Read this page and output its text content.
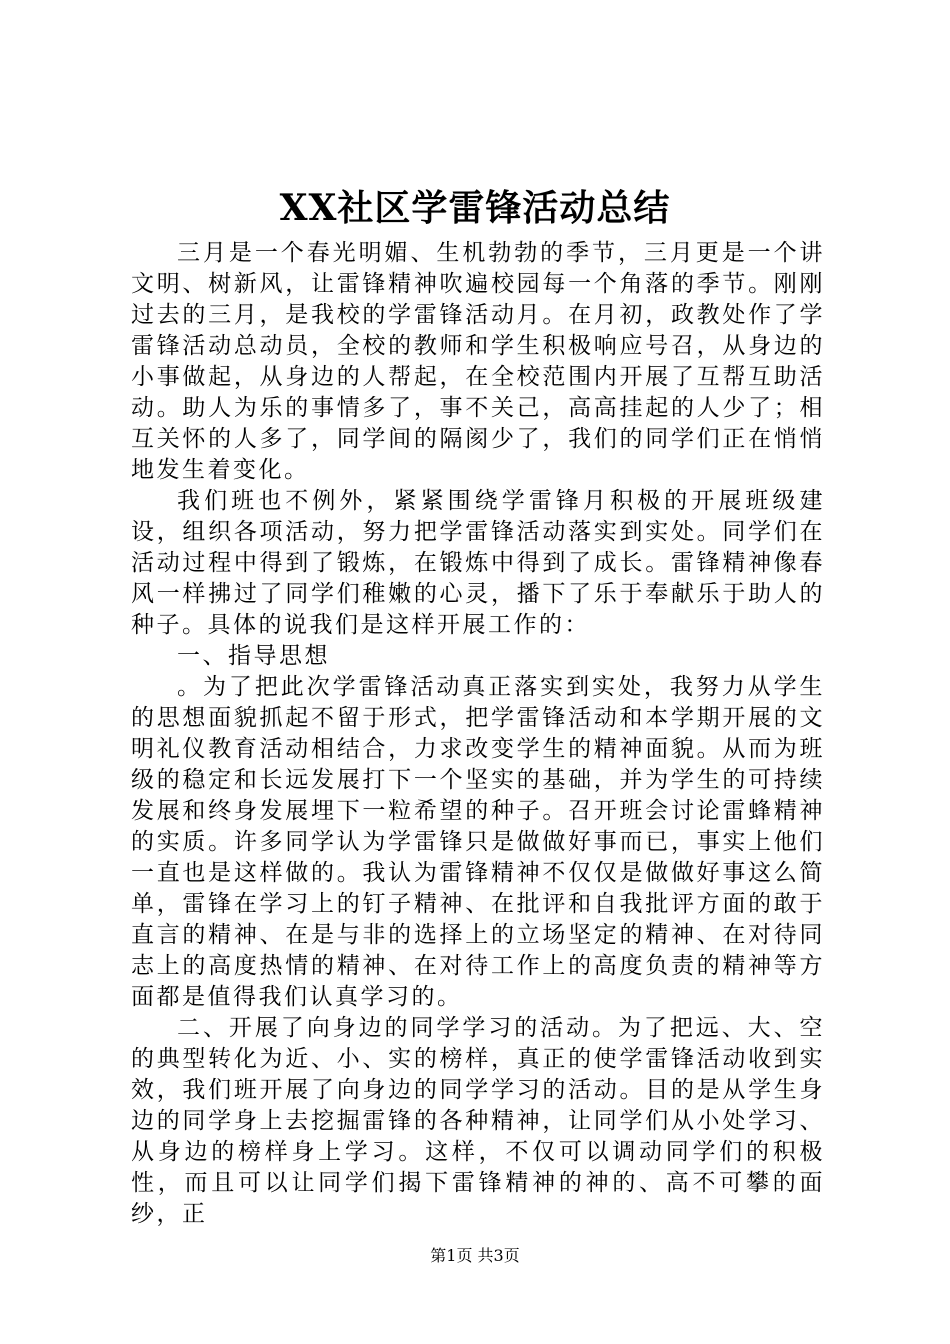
XX社区学雷锋活动总结

三月是一个春光明媚、生机勃勃的季节，三月更是一个讲文明、树新风，让雷锋精神吹遍校园每一个角落的季节。刚刚过去的三月，是我校的学雷锋活动月。在月初，政教处作了学雷锋活动总动员，全校的教师和学生积极响应号召，从身边的小事做起，从身边的人帮起，在全校范围内开展了互帮互助活动。助人为乐的事情多了，事不关己，高高挂起的人少了；相互关怀的人多了，同学间的隔阂少了，我们的同学们正在悄悄地发生着变化。

我们班也不例外，紧紧围绕学雷锋月积极的开展班级建设，组织各项活动，努力把学雷锋活动落实到实处。同学们在活动过程中得到了锻炼，在锻炼中得到了成长。雷锋精神像春风一样拂过了同学们稚嫩的心灵，播下了乐于奉献乐于助人的种子。具体的说我们是这样开展工作的：

一、指导思想

。为了把此次学雷锋活动真正落实到实处，我努力从学生的思想面貌抓起不留于形式，把学雷锋活动和本学期开展的文明礼仪教育活动相结合，力求改变学生的精神面貌。从而为班级的稳定和长远发展打下一个坚实的基础，并为学生的可持续发展和终身发展埋下一粒希望的种子。召开班会讨论雷蜂精神的实质。许多同学认为学雷锋只是做做好事而已，事实上他们一直也是这样做的。我认为雷锋精神不仅仅是做做好事这么简单，雷锋在学习上的钉子精神、在批评和自我批评方面的敢于直言的精神、在是与非的选择上的立场坚定的精神、在对待同志上的高度热情的精神、在对待工作上的高度负责的精神等方面都是值得我们认真学习的。

二、开展了向身边的同学学习的活动。为了把远、大、空的典型转化为近、小、实的榜样，真正的使学雷锋活动收到实效，我们班开展了向身边的同学学习的活动。目的是从学生身边的同学身上去挖掘雷锋的各种精神，让同学们从小处学习、从身边的榜样身上学习。这样，不仅可以调动同学们的积极性，而且可以让同学们揭下雷锋精神的神的、高不可攀的面纱，正

第1页 共3页
